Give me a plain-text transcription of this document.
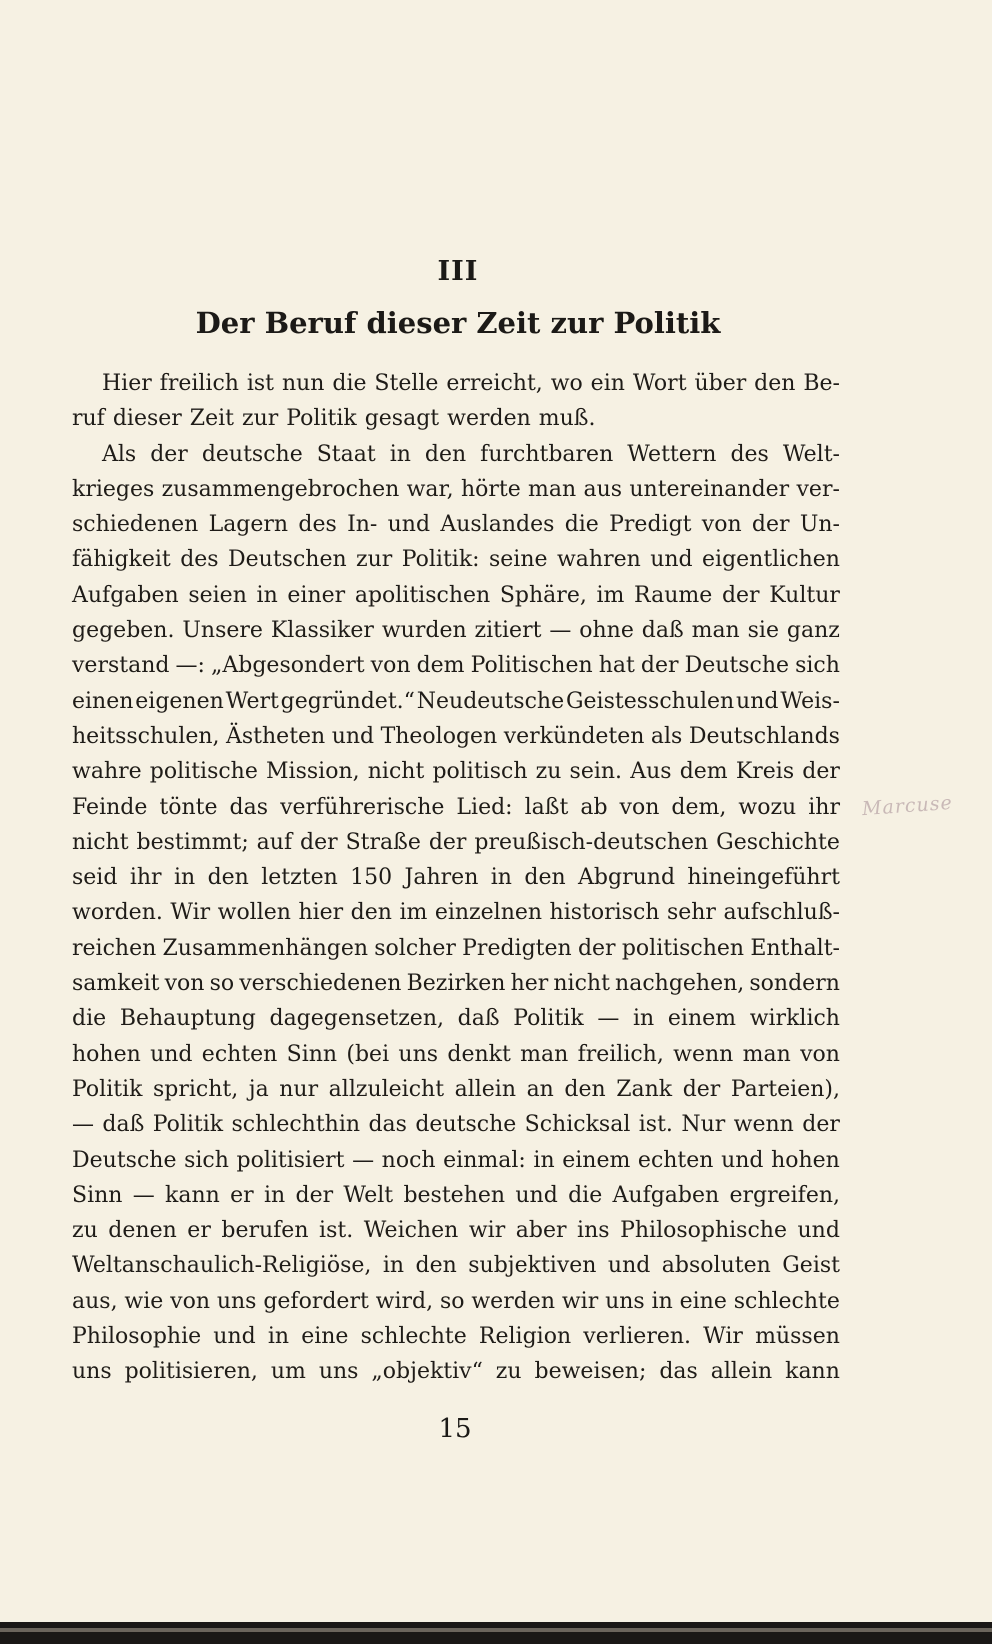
III
Der Beruf dieser Zeit zur Politik
Hier freilich ist nun die Stelle erreicht, wo ein Wort über den Be-
ruf dieser Zeit zur Politik gesagt werden muß.
Als der deutsche Staat in den furchtbaren Wettern des Welt-
krieges zusammengebrochen war, hörte man aus untereinander ver-
schiedenen Lagern des In- und Auslandes die Predigt von der Un-
fähigkeit des Deutschen zur Politik: seine wahren und eigentlichen
Aufgaben seien in einer apolitischen Sphäre, im Raume der Kultur
gegeben. Unsere Klassiker wurden zitiert — ohne daß man sie ganz
verstand —: „Abgesondert von dem Politischen hat der Deutsche sich
einen eigenen Wert gegründet.“ Neudeutsche Geistesschulen und Weis-
heitsschulen, Ästheten und Theologen verkündeten als Deutschlands
wahre politische Mission, nicht politisch zu sein. Aus dem Kreis der
Feinde tönte das verführerische Lied: laßt ab von dem, wozu ihr
nicht bestimmt; auf der Straße der preußisch-deutschen Geschichte
seid ihr in den letzten 150 Jahren in den Abgrund hineingeführt
worden. Wir wollen hier den im einzelnen historisch sehr aufschluß-
reichen Zusammenhängen solcher Predigten der politischen Enthalt-
samkeit von so verschiedenen Bezirken her nicht nachgehen, sondern
die Behauptung dagegensetzen, daß Politik — in einem wirklich
hohen und echten Sinn (bei uns denkt man freilich, wenn man von
Politik spricht, ja nur allzuleicht allein an den Zank der Parteien),
— daß Politik schlechthin das deutsche Schicksal ist. Nur wenn der
Deutsche sich politisiert — noch einmal: in einem echten und hohen
Sinn — kann er in der Welt bestehen und die Aufgaben ergreifen,
zu denen er berufen ist. Weichen wir aber ins Philosophische und
Weltanschaulich-Religiöse, in den subjektiven und absoluten Geist
aus, wie von uns gefordert wird, so werden wir uns in eine schlechte
Philosophie und in eine schlechte Religion verlieren. Wir müssen
uns politisieren, um uns „objektiv“ zu beweisen; das allein kann
15
Marcuse
